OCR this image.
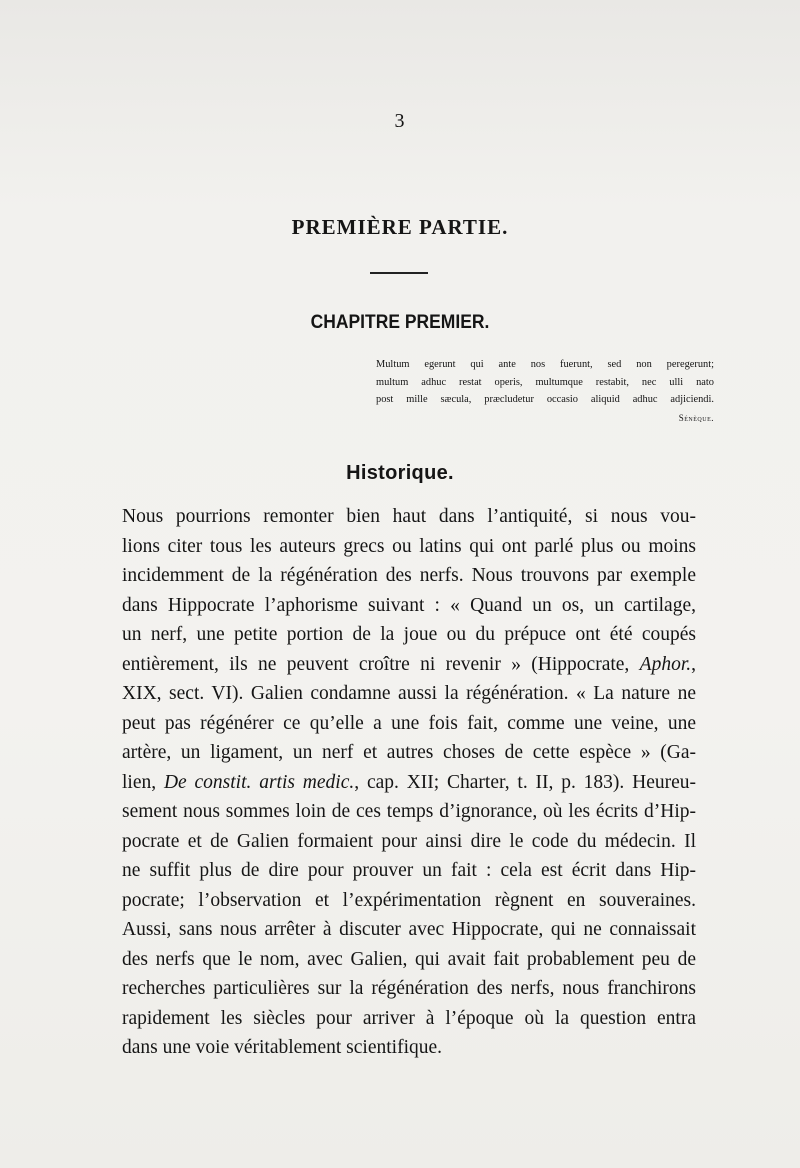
3
PREMIÈRE PARTIE.
CHAPITRE PREMIER.
Multum egerunt qui ante nos fuerunt, sed non peregerunt;
multum adhuc restat operis, multumque restabit, nec ulli nato
post mille sæcula, præcludetur occasio aliquid adhuc adjiciendi.
Sénèque.
Historique.
Nous pourrions remonter bien haut dans l’antiquité, si nous vou-
lions citer tous les auteurs grecs ou latins qui ont parlé plus ou moins
incidemment de la régénération des nerfs. Nous trouvons par exemple
dans Hippocrate l’aphorisme suivant : « Quand un os, un cartilage,
un nerf, une petite portion de la joue ou du prépuce ont été coupés
entièrement, ils ne peuvent croître ni revenir » (Hippocrate, Aphor.,
XIX, sect. VI). Galien condamne aussi la régénération. « La nature ne
peut pas régénérer ce qu’elle a une fois fait, comme une veine, une
artère, un ligament, un nerf et autres choses de cette espèce » (Ga-
lien, De constit. artis medic., cap. XII; Charter, t. II, p. 183). Heureu-
sement nous sommes loin de ces temps d’ignorance, où les écrits d’Hip-
pocrate et de Galien formaient pour ainsi dire le code du médecin. Il
ne suffit plus de dire pour prouver un fait : cela est écrit dans Hip-
pocrate; l’observation et l’expérimentation règnent en souveraines.
Aussi, sans nous arrêter à discuter avec Hippocrate, qui ne connaissait
des nerfs que le nom, avec Galien, qui avait fait probablement peu de
recherches particulières sur la régénération des nerfs, nous franchirons
rapidement les siècles pour arriver à l’époque où la question entra
dans une voie véritablement scientifique.
